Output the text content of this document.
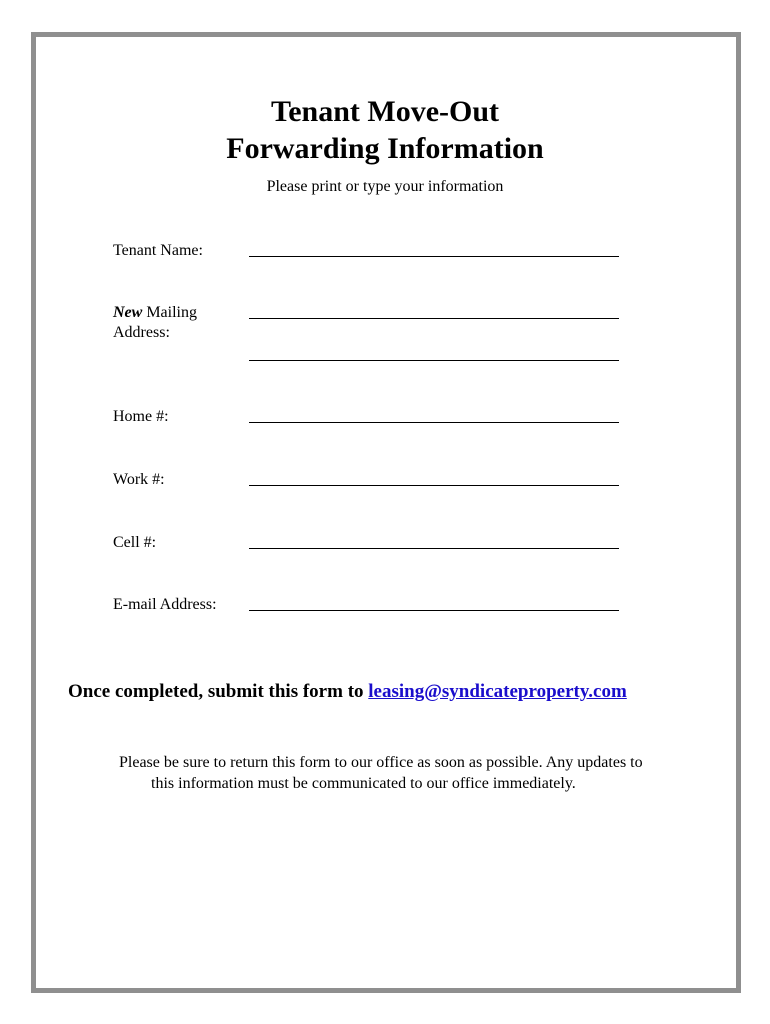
Tenant Move-Out
Forwarding Information
Please print or type your information
Tenant Name:
New Mailing
Address:
Home #:
Work #:
Cell #:
E-mail Address:
Once completed, submit this form to leasing@syndicateproperty.com
Please be sure to return this form to our office as soon as possible. Any updates to
this information must be communicated to our office immediately.
